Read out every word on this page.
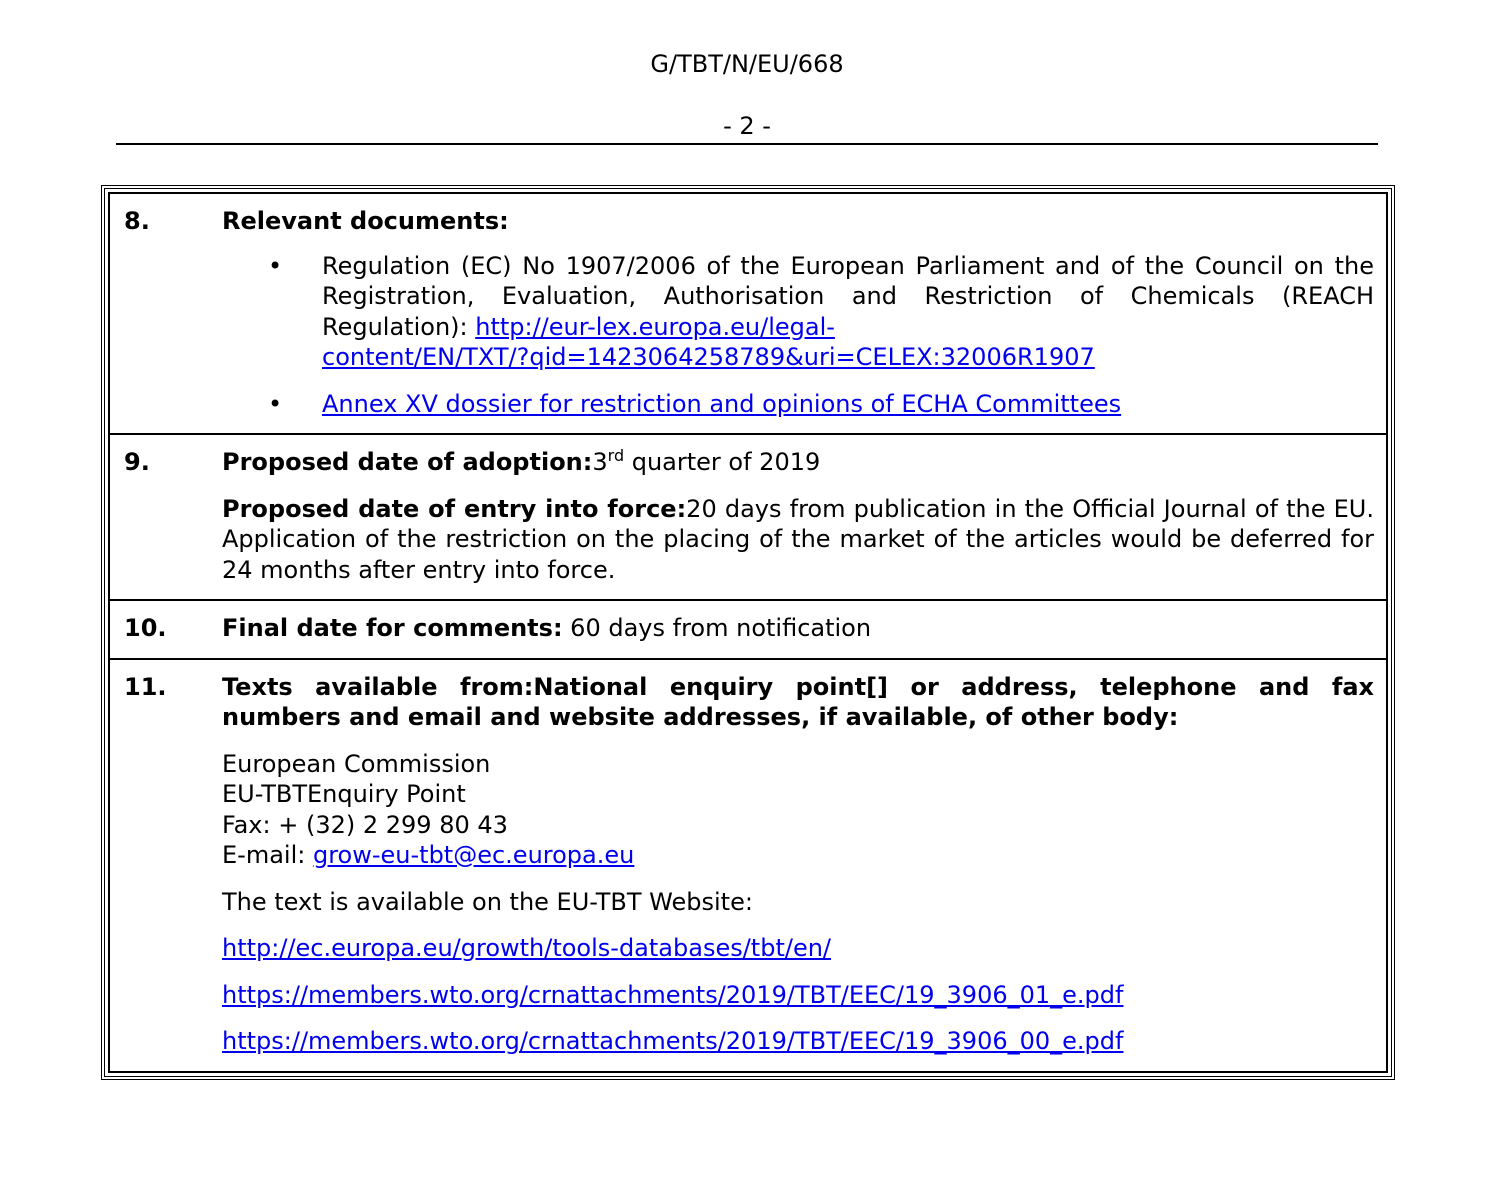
G/TBT/N/EU/668
- 2 -
8.	Relevant documents:

• Regulation (EC) No 1907/2006 of the European Parliament and of the Council on the Registration, Evaluation, Authorisation and Restriction of Chemicals (REACH Regulation): http://eur-lex.europa.eu/legal-
content/EN/TXT/?qid=1423064258789&uri=CELEX:32006R1907
• Annex XV dossier for restriction and opinions of ECHA Committees
9.	Proposed date of adoption:3rd quarter of 2019

Proposed date of entry into force:20 days from publication in the Official Journal of the EU. Application of the restriction on the placing of the market of the articles would be deferred for 24 months after entry into force.

10. Final date for comments: 60 days from notification

11. Texts available from:National enquiry point[] or address, telephone and fax numbers and email and website addresses, if available, of other body:

European Commission
EU-TBTEnquiry Point
Fax: + (32) 2 299 80 43
E-mail: grow-eu-tbt@ec.europa.eu

The text is available on the EU-TBT Website:

http://ec.europa.eu/growth/tools-databases/tbt/en/

https://members.wto.org/crnattachments/2019/TBT/EEC/19_3906_01_e.pdf

https://members.wto.org/crnattachments/2019/TBT/EEC/19_3906_00_e.pdf
